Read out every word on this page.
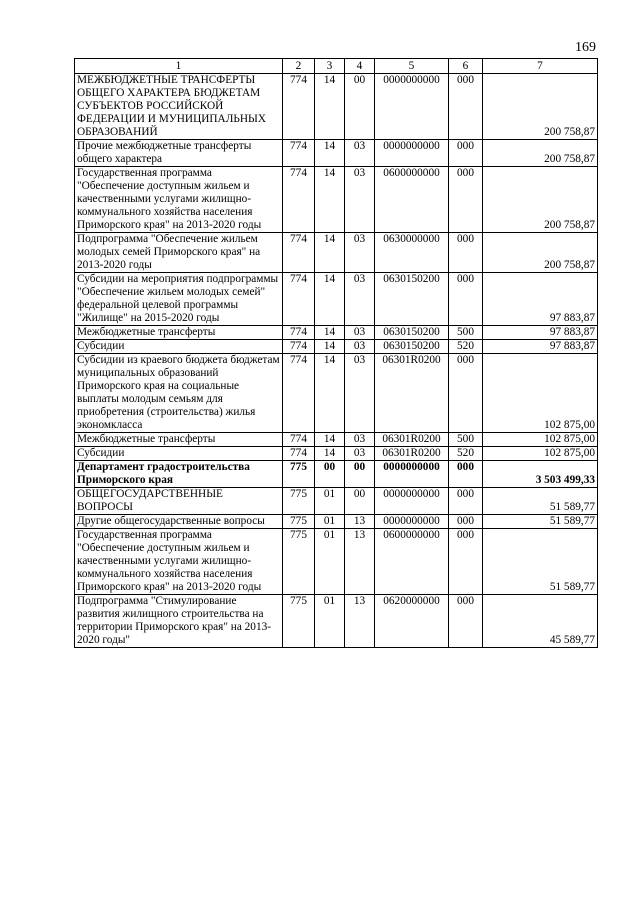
169
1	2	3	4	5	6	7
МЕЖБЮДЖЕТНЫЕ ТРАНСФЕРТЫ ОБЩЕГО ХАРАКТЕРА БЮДЖЕТАМ СУБЪЕКТОВ РОССИЙСКОЙ ФЕДЕРАЦИИ И МУНИЦИПАЛЬНЫХ ОБРАЗОВАНИЙ	774	14	00	0000000000	000	200 758,87
Прочие межбюджетные трансферты общего характера	774	14	03	0000000000	000	200 758,87
Государственная программа "Обеспечение доступным жильем и качественными услугами жилищно-коммунального хозяйства населения Приморского края" на 2013-2020 годы	774	14	03	0600000000	000	200 758,87
Подпрограмма "Обеспечение жильем молодых семей Приморского края" на 2013-2020 годы	774	14	03	0630000000	000	200 758,87
Субсидии на мероприятия подпрограммы "Обеспечение жильем молодых семей" федеральной целевой программы "Жилище" на 2015-2020 годы	774	14	03	0630150200	000	97 883,87
Межбюджетные трансферты	774	14	03	0630150200	500	97 883,87
Субсидии	774	14	03	0630150200	520	97 883,87
Субсидии из краевого бюджета бюджетам муниципальных образований Приморского края на социальные выплаты молодым семьям для приобретения (строительства) жилья экономкласса	774	14	03	06301R0200	000	102 875,00
Межбюджетные трансферты	774	14	03	06301R0200	500	102 875,00
Субсидии	774	14	03	06301R0200	520	102 875,00
Департамент градостроительства Приморского края	775	00	00	0000000000	000	3 503 499,33
ОБЩЕГОСУДАРСТВЕННЫЕ ВОПРОСЫ	775	01	00	0000000000	000	51 589,77
Другие общегосударственные вопросы	775	01	13	0000000000	000	51 589,77
Государственная программа "Обеспечение доступным жильем и качественными услугами жилищно-коммунального хозяйства населения Приморского края" на 2013-2020 годы	775	01	13	0600000000	000	51 589,77
Подпрограмма "Стимулирование развития жилищного строительства на территории Приморского края" на 2013-2020 годы"	775	01	13	0620000000	000	45 589,77
